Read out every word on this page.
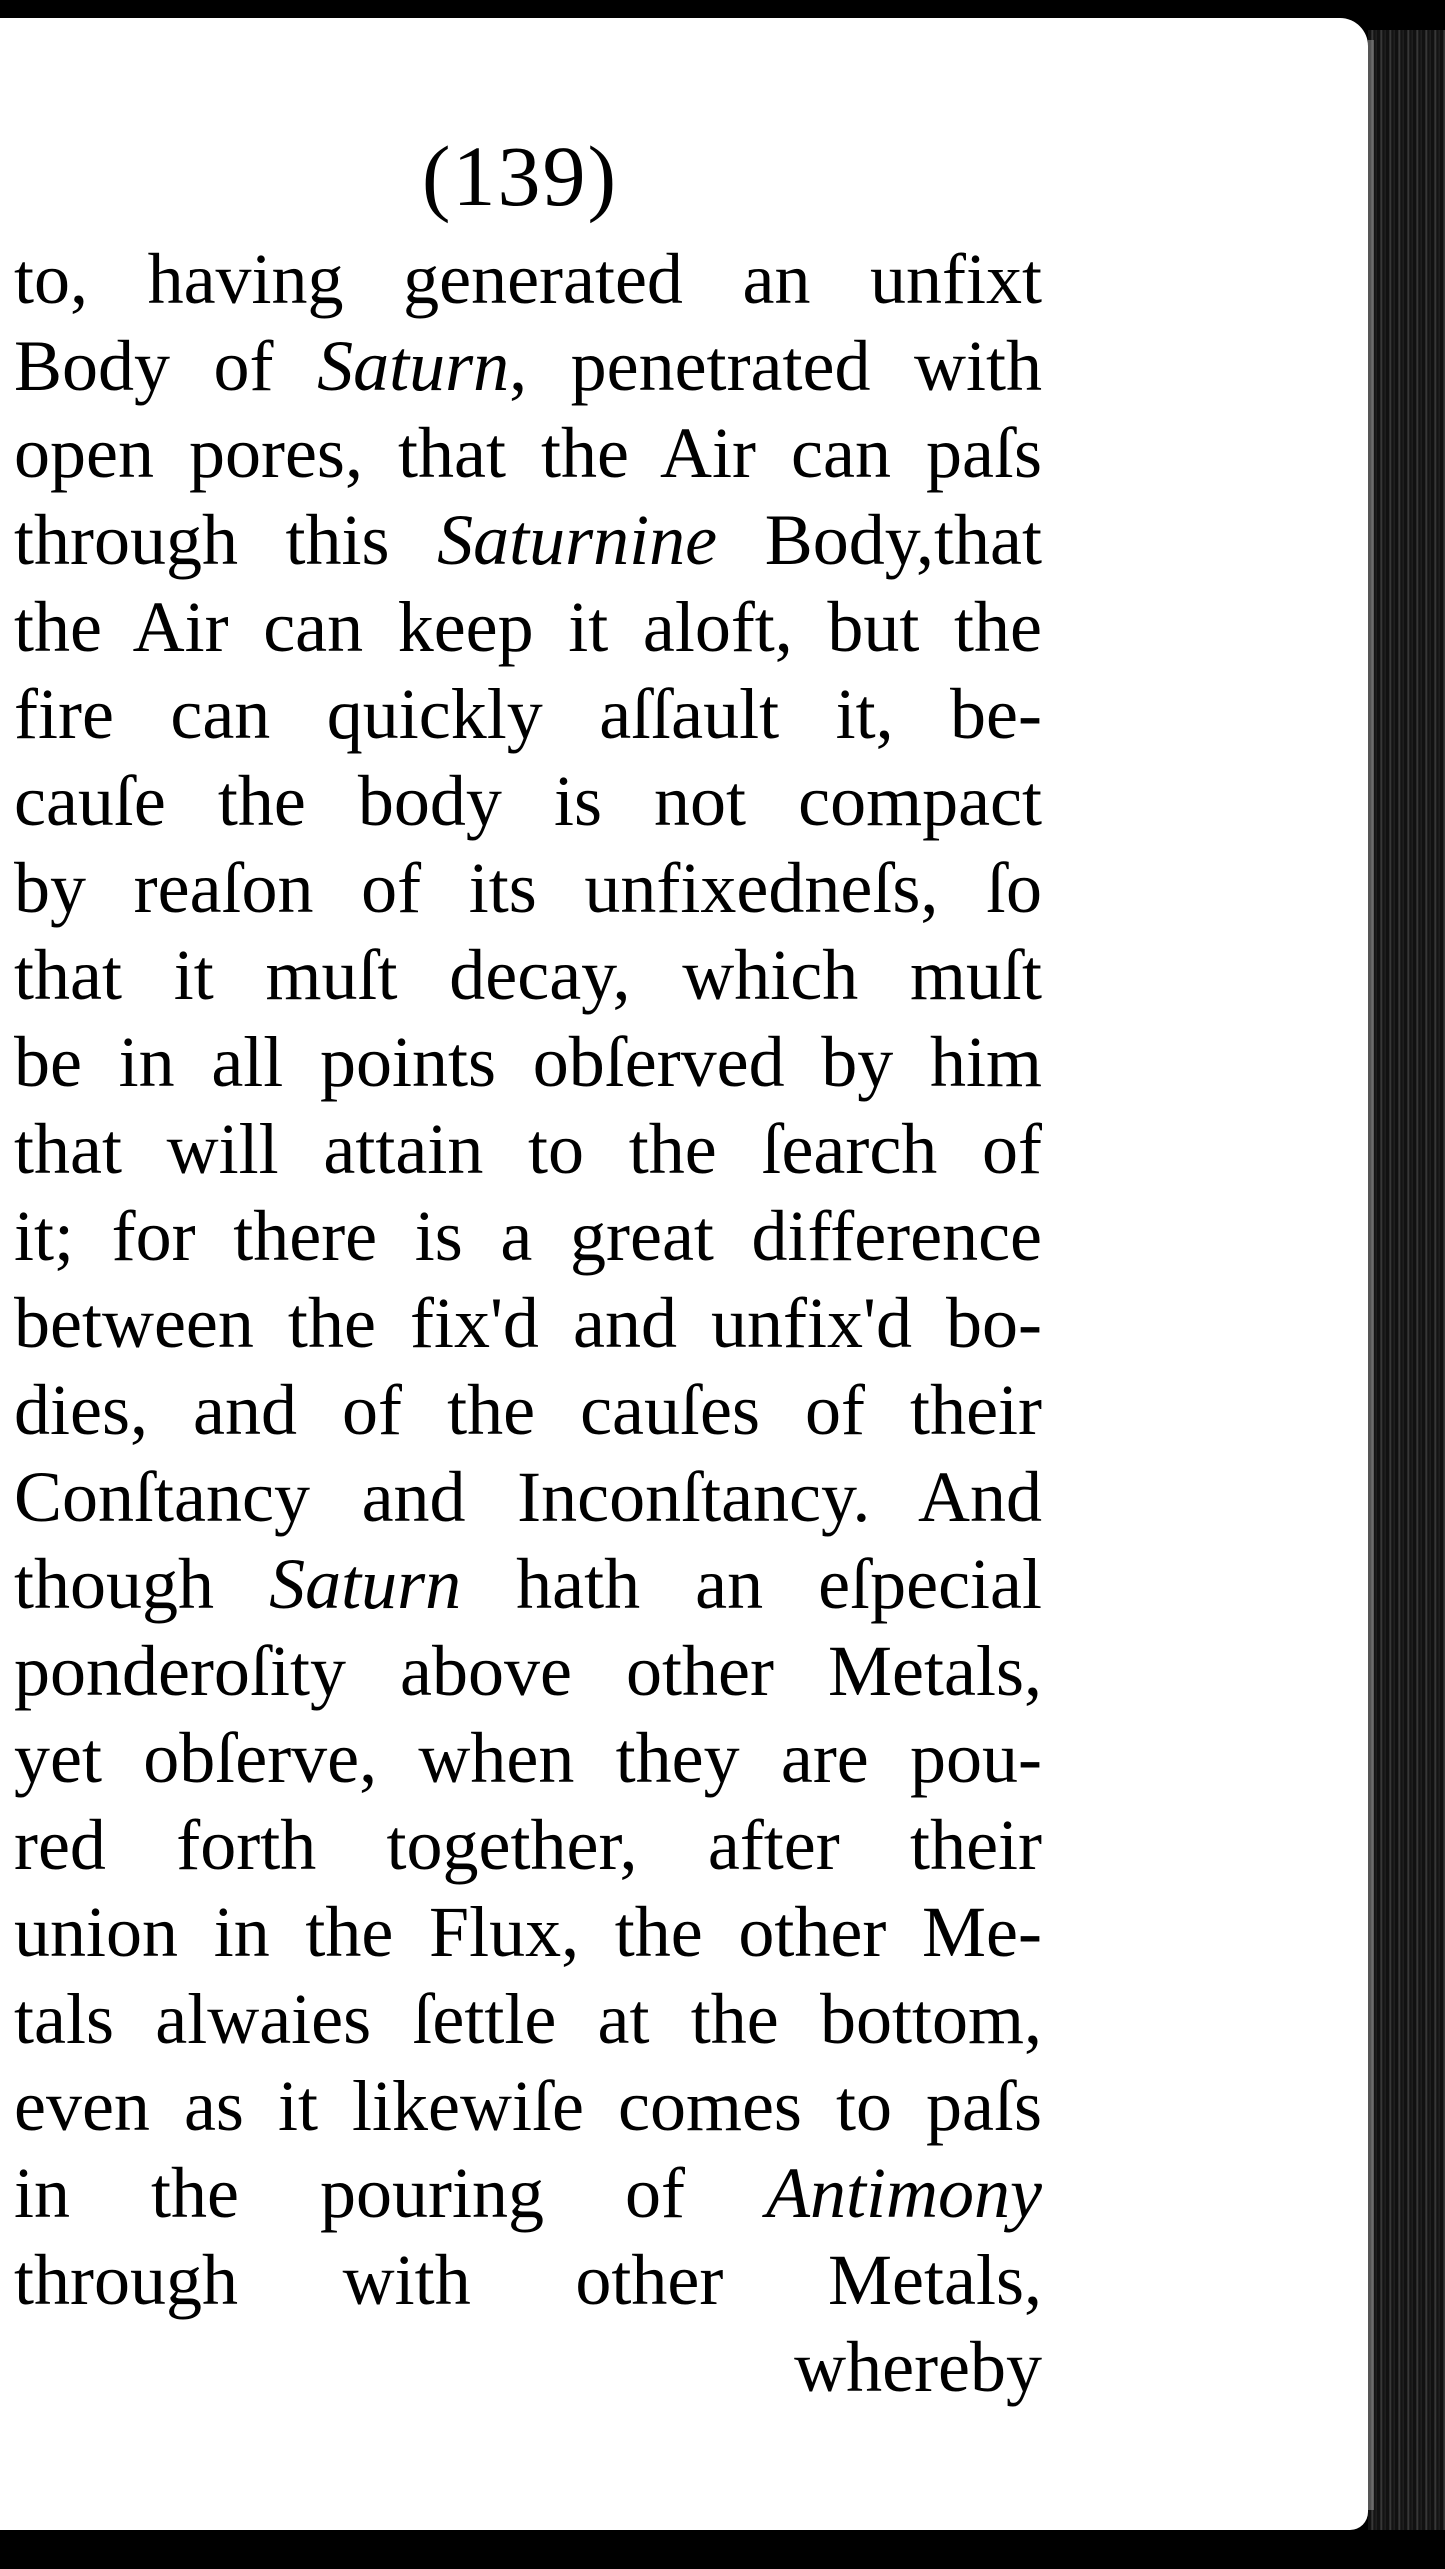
(139)
to, having generated an unfixt
Body of Saturn, penetrated with
open pores, that the Air can paſs
through this Saturnine Body,that
the Air can keep it aloft, but the
fire can quickly aſſault it, be-
cauſe the body is not compact
by reaſon of its unfixedneſs, ſo
that it muſt decay, which muſt
be in all points obſerved by him
that will attain to the ſearch of
it; for there is a great difference
between the fix'd and unfix'd bo-
dies, and of the cauſes of their
Conſtancy and Inconſtancy. And
though Saturn hath an eſpecial
ponderoſity above other Metals,
yet obſerve, when they are pou-
red forth together, after their
union in the Flux, the other Me-
tals alwaies ſettle at the bottom,
even as it likewiſe comes to paſs
in the pouring of Antimony
through with other Metals,
whereby
